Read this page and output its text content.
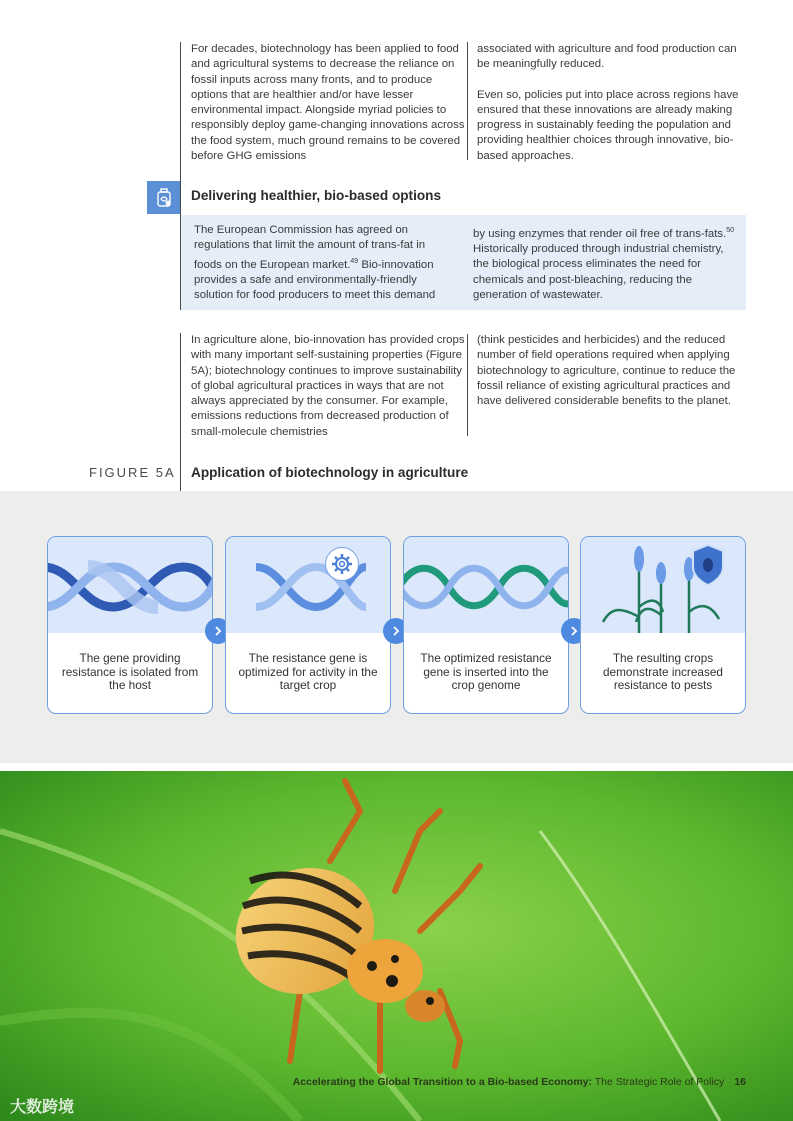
For decades, biotechnology has been applied to food and agricultural systems to decrease the reliance on fossil inputs across many fronts, and to produce options that are healthier and/or have lesser environmental impact. Alongside myriad policies to responsibly deploy game-changing innovations across the food system, much ground remains to be covered before GHG emissions

associated with agriculture and food production can be meaningfully reduced.

Even so, policies put into place across regions have ensured that these innovations are already making progress in sustainably feeding the population and providing healthier choices through innovative, bio-based approaches.

Delivering healthier, bio-based options

The European Commission has agreed on regulations that limit the amount of trans-fat in foods on the European market.$^{49}$ Bio-innovation provides a safe and environmentally-friendly solution for food producers to meet this demand

by using enzymes that render oil free of trans-fats.$^{50}$ Historically produced through industrial chemistry, the biological process eliminates the need for chemicals and post-bleaching, reducing the generation of wastewater.

In agriculture alone, bio-innovation has provided crops with many important self-sustaining properties (Figure 5A); biotechnology continues to improve sustainability of global agricultural practices in ways that are not always appreciated by the consumer. For example, emissions reductions from decreased production of small-molecule chemistries

(think pesticides and herbicides) and the reduced number of field operations required when applying biotechnology to agriculture, continue to reduce the fossil reliance of existing agricultural practices and have delivered considerable benefits to the planet.

FIGURE 5A Application of biotechnology in agriculture
The gene providing resistance is isolated from the host
The resistance gene is optimized for activity in the target crop
The optimized resistance gene is inserted into the crop genome
The resulting crops demonstrate increased resistance to pests
Accelerating the Global Transition to a Bio-based Economy: The Strategic Role of Policy 16
大数跨境
